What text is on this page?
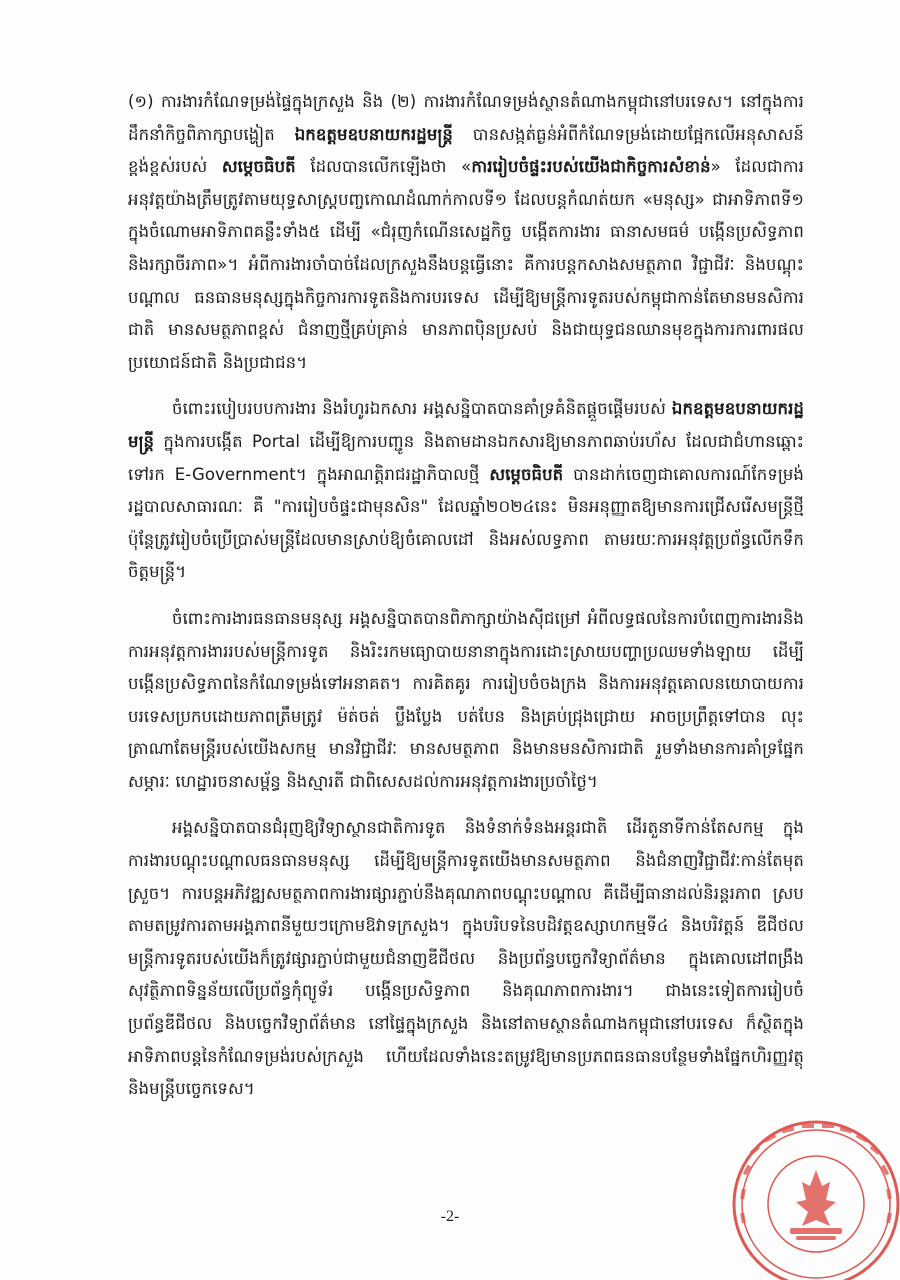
(១) ការងារកំណែទម្រង់ផ្ទៃក្នុងក្រសួង និង (២) ការងារកំណែទម្រង់ស្ថានតំណាងកម្ពុជានៅបរទេស។ នៅក្នុងការដឹកនាំកិច្ចពិភាក្សាបង្ហៀត ឯកឧត្តមឧបនាយករដ្ឋមន្ត្រី បានសង្កត់ធ្ងន់អំពីកំណែទម្រង់ដោយផ្អែកលើអនុសាសន៍ខ្ពង់ខ្ពស់របស់ សម្តេចធិបតី ដែលបានលើកឡើងថា «ការរៀបចំផ្ទះរបស់យើងជាកិច្ចការសំខាន់» ដែលជាការអនុវត្តយ៉ាងត្រឹមត្រូវតាមយុទ្ធសាស្ត្របញ្ចកោណដំណាក់កាលទី១ ដែលបន្តកំណត់យក «មនុស្ស» ជាអាទិភាពទី១ ក្នុងចំណោមអាទិភាពគន្លឹះទាំង៥ ដើម្បី «ជំរុញកំណើនសេដ្ឋកិច្ច បង្កើតការងារ ធានាសមធម៌ បង្កើនប្រសិទ្ធភាព និងរក្សាចីរភាព»។ អំពីការងារចាំបាច់ដែលក្រសួងនឹងបន្តធ្វើនោះ គឺការបន្តកសាងសមត្ថភាព វិជ្ជាជីវៈ និងបណ្តុះបណ្តាល ធនធានមនុស្សក្នុងកិច្ចការការទូតនិងការបរទេស ដើម្បីឱ្យមន្ត្រីការទូតរបស់កម្ពុជាកាន់តែមានមនសិការជាតិ មានសមត្ថភាពខ្ពស់ ជំនាញថ្មីគ្រប់គ្រាន់ មានភាពប៉ិនប្រសប់ និងជាយុទ្ធជនឈានមុខក្នុងការការពារផលប្រយោជន៍ជាតិ និងប្រជាជន។

ចំពោះរបៀបរបបការងារ និងរំហូរឯកសារ អង្គសន្និបាតបានគាំទ្រគំនិតផ្តួចផ្តើមរបស់ ឯកឧត្តមឧបនាយករដ្ឋមន្ត្រី ក្នុងការបង្កើត Portal ដើម្បីឱ្យការបញ្ជូន និងតាមដានឯកសារឱ្យមានភាពឆាប់រហ័ស ដែលជាជំហានឆ្ពោះទៅរក E-Government។ ក្នុងអាណត្តិរាជរដ្ឋាភិបាលថ្មី សម្តេចធិបតី បានដាក់ចេញជាគោលការណ៍កែទម្រង់រដ្ឋបាលសាធារណៈ គឺ "ការរៀបចំផ្ទះជាមុនសិន" ដែលឆ្នាំ២០២៤នេះ មិនអនុញ្ញាតឱ្យមានការជ្រើសរើសមន្ត្រីថ្មី ប៉ុន្តែត្រូវរៀបចំប្រើប្រាស់មន្ត្រីដែលមានស្រាប់ឱ្យចំគោលដៅ និងអស់លទ្ធភាព តាមរយៈការអនុវត្តប្រព័ន្ធលើកទឹកចិត្តមន្ត្រី។

ចំពោះការងារធនធានមនុស្ស អង្គសន្និបាតបានពិភាក្សាយ៉ាងស៊ីជម្រៅ អំពីលទ្ធផលនៃការបំពេញការងារនិងការអនុវត្តការងាររបស់មន្ត្រីការទូត និងរិះរកមធ្យោបាយនានាក្នុងការដោះស្រាយបញ្ហាប្រឈមទាំងឡាយ ដើម្បីបង្កើនប្រសិទ្ធភាពនៃកំណែទម្រង់ទៅអនាគត។ ការគិតគូរ ការរៀបចំចងក្រង និងការអនុវត្តគោលនយោបាយការបរទេសប្រកបដោយភាពត្រឹមត្រូវ ម៉ត់ចត់ ប្លឹងប្លែង បត់បែន និងគ្រប់ជ្រុងជ្រោយ អាចប្រព្រឹត្តទៅបាន លុះត្រាណាតែមន្ត្រីរបស់យើងសកម្ម មានវិជ្ជាជីវៈ មានសមត្ថភាព និងមានមនសិការជាតិ រួមទាំងមានការគាំទ្រផ្នែកសម្ភារៈ ហេដ្ឋារចនាសម្ព័ន្ធ និងស្មារតី ជាពិសេសដល់ការអនុវត្តការងារប្រចាំថ្ងៃ។

អង្គសន្និបាតបានជំរុញឱ្យវិទ្យាស្ថានជាតិការទូត និងទំនាក់ទំនងអន្តរជាតិ ដើរតួនាទីកាន់តែសកម្ម ក្នុងការងារបណ្តុះបណ្តាលធនធានមនុស្ស ដើម្បីឱ្យមន្ត្រីការទូតយើងមានសមត្ថភាព និងជំនាញវិជ្ជាជីវៈកាន់តែមុតស្រួច។ ការបន្តអភិវឌ្ឍសមត្ថភាពការងារផ្សារភ្ជាប់នឹងគុណភាពបណ្តុះបណ្តាល គឺដើម្បីធានាដល់និរន្តរភាព ស្របតាមតម្រូវការតាមអង្គភាពនីមួយៗក្រោមឱវាទក្រសួង។ ក្នុងបរិបទនៃបដិវត្តឧស្សាហកម្មទី៤ និងបរិវត្តន៍ ឌីជីថល មន្ត្រីការទូតរបស់យើងក៏ត្រូវផ្សារភ្ជាប់ជាមួយជំនាញឌីជីថល និងប្រព័ន្ធបច្ចេកវិទ្យាព័ត៌មាន ក្នុងគោលដៅពង្រឹងសុវត្ថិភាពទិន្នន័យលើប្រព័ន្ធកុំព្យូទ័រ បង្កើនប្រសិទ្ធភាព និងគុណភាពការងារ។ ជាងនេះទៀតការរៀបចំប្រព័ន្ធឌីជីថល និងបច្ចេកវិទ្យាព័ត៌មាន នៅផ្ទៃក្នុងក្រសួង និងនៅតាមស្ថានតំណាងកម្ពុជានៅបរទេស ក៏ស្ថិតក្នុងអាទិភាពបន្តនៃកំណែទម្រង់របស់ក្រសួង ហើយដែលទាំងនេះតម្រូវឱ្យមានប្រភពធនធានបន្ថែមទាំងផ្នែកហិរញ្ញវត្ថុ និងមន្ត្រីបច្ចេកទេស។

-2-
